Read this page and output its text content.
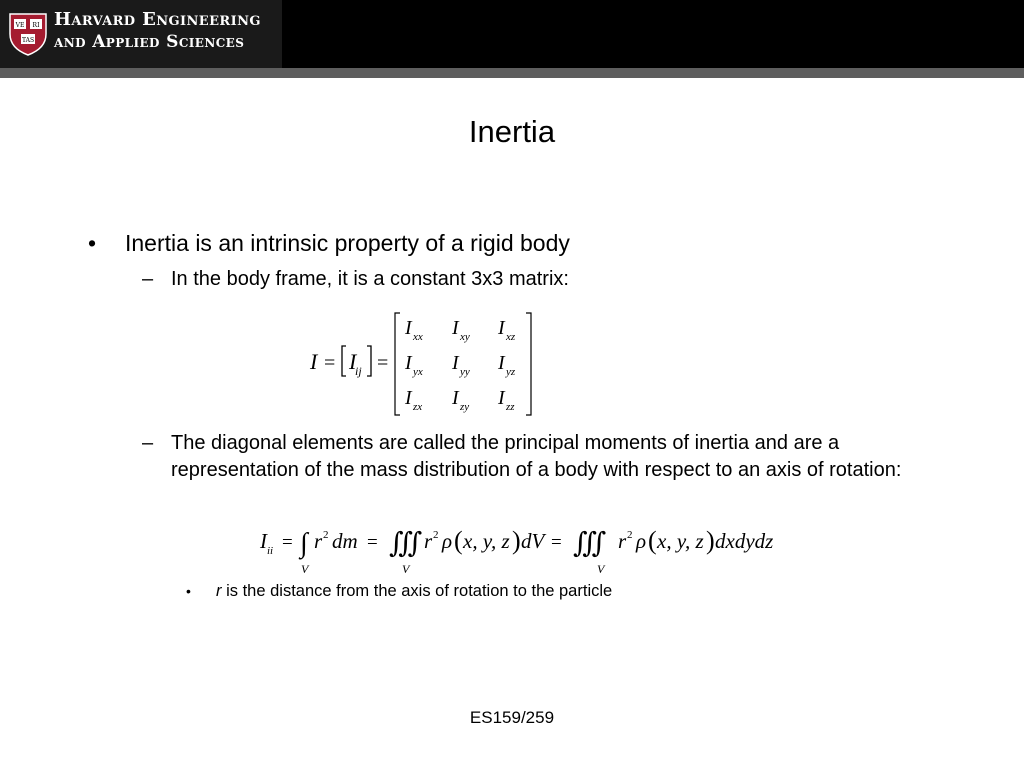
VE RI
TAS
Harvard Engineering
and Applied Sciences
Inertia
• Inertia is an intrinsic property of a rigid body
– In the body frame, it is a constant 3x3 matrix:
I = I
ij =
I xx I xy I xz
I yx I yy I yz
I zx I zy I zz
– The diagonal elements are called the principal moments of inertia and are a representation of the mass distribution of a body with respect to an axis of rotation:
I ii = ∫
V
r 2 dm = ∭
V
r 2 ρ ( x, y, z ) dV = ∭
V
r 2 ρ ( x, y, z ) dxdydz
• r is the distance from the axis of rotation to the particle
ES159/259
